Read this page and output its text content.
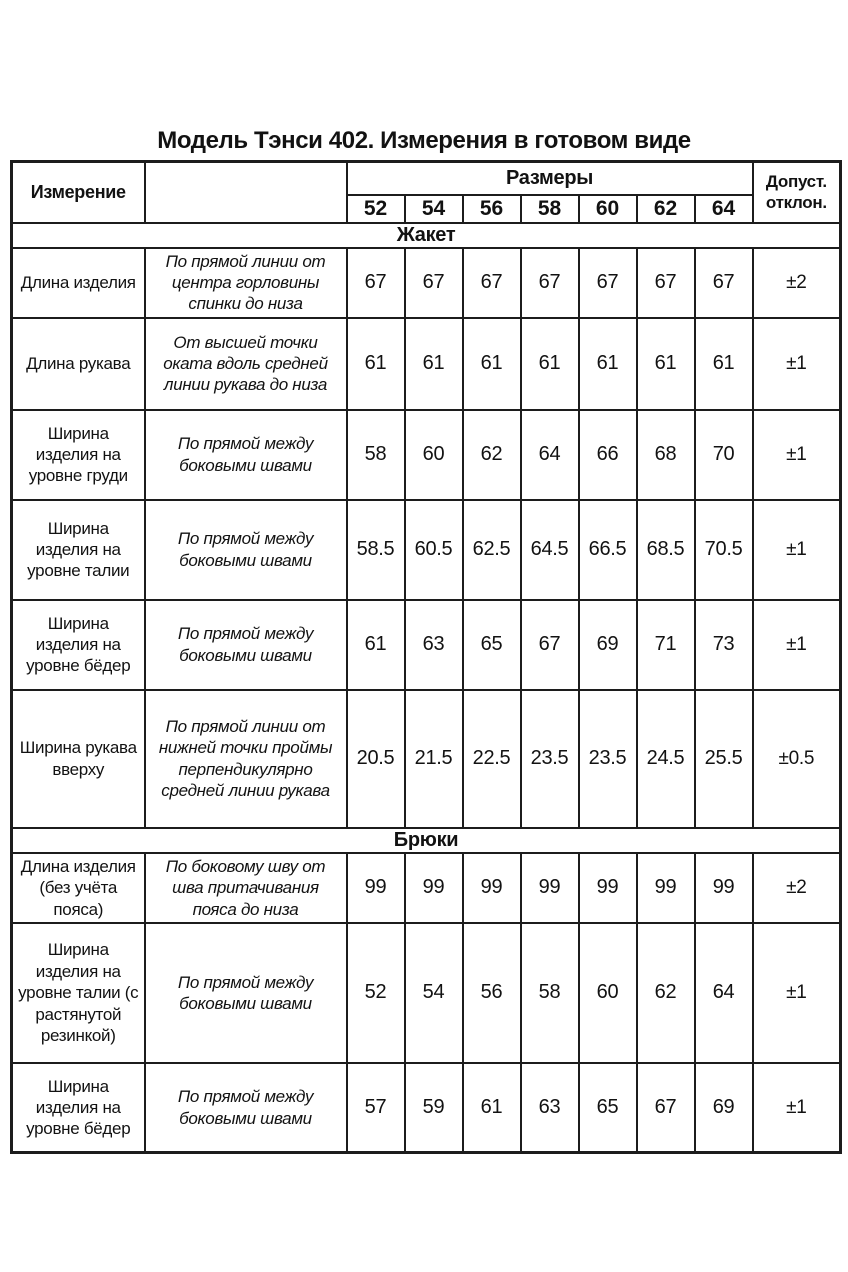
Модель Тэнси 402. Измерения в готовом виде
Измерение		Размеры							Допуст.
отклон.
		52	54	56	58	60	62	64	
Жакет									
Длина изделия	По прямой линии от центра горловины спинки до низа	67	67	67	67	67	67	67	±2
Длина рукава	От высшей точки оката вдоль средней линии рукава до низа	61	61	61	61	61	61	61	±1
Ширина изделия на уровне груди	По прямой между боковыми швами	58	60	62	64	66	68	70	±1
Ширина изделия на уровне талии	По прямой между боковыми швами	58.5	60.5	62.5	64.5	66.5	68.5	70.5	±1
Ширина изделия на уровне бёдер	По прямой между боковыми швами	61	63	65	67	69	71	73	±1
Ширина рукава вверху	По прямой линии от нижней точки проймы перпендикулярно средней линии рукава	20.5	21.5	22.5	23.5	23.5	24.5	25.5	±0.5
Брюки									
Длина изделия (без учёта пояса)	По боковому шву от шва притачивания пояса до низа	99	99	99	99	99	99	99	±2
Ширина изделия на уровне талии (с растянутой резинкой)	По прямой между боковыми швами	52	54	56	58	60	62	64	±1
Ширина изделия на уровне бёдер	По прямой между боковыми швами	57	59	61	63	65	67	69	±1
